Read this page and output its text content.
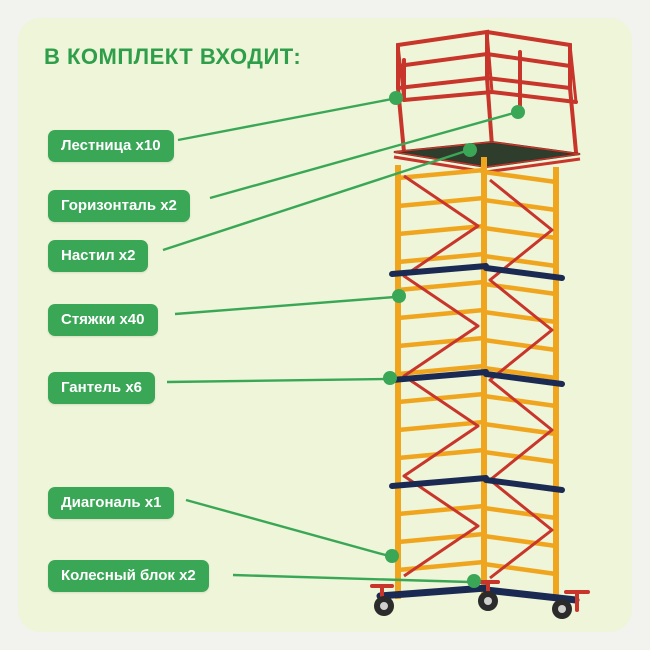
В КОМПЛЕКТ ВХОДИТ:
Лестница x10
Горизонталь x2
Настил x2
Стяжки x40
Гантель x6
Диагональ x1
Колесный блок x2
